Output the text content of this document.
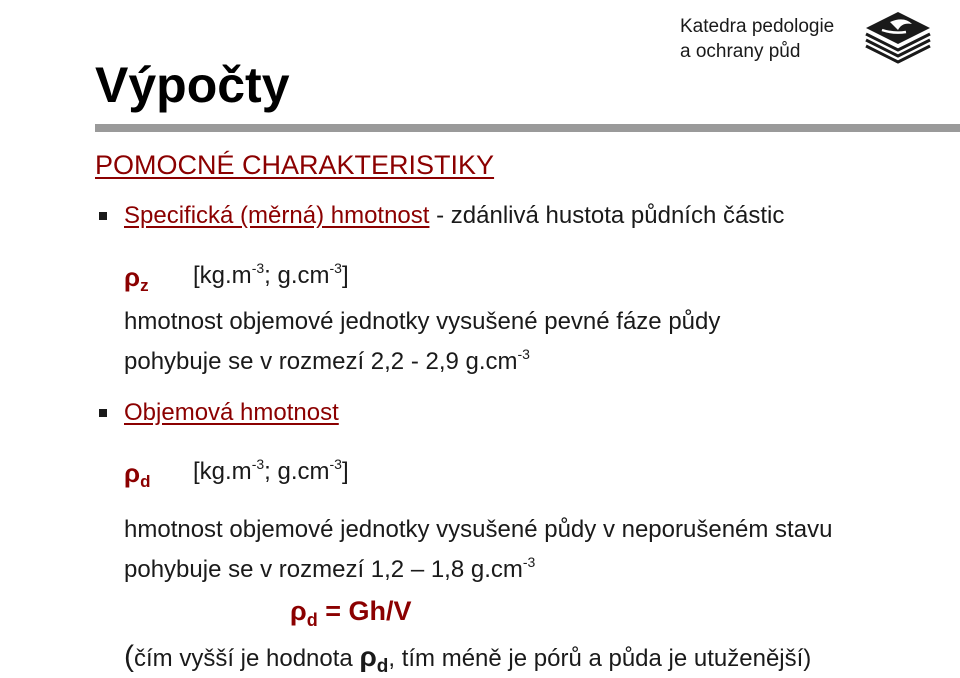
Výpočty
Katedra pedologie
a ochrany půd
POMOCNÉ CHARAKTERISTIKY
Specifická (měrná) hmotnost - zdánlivá hustota půdních částic
$\rho_z$ [$kg.m^{-3}$; $g.cm^{-3}$]
hmotnost objemové jednotky vysušené pevné fáze půdy
pohybuje se v rozmezí 2,2 - 2,9 $g.cm^{-3}$
Objemová hmotnost
$\rho_d$ [$kg.m^{-3}$; $g.cm^{-3}$]
hmotnost objemové jednotky vysušené půdy v neporušeném stavu
pohybuje se v rozmezí 1,2 – 1,8 $g.cm^{-3}$
$\rho_d = Gh/V$
(čím vyšší je hodnota $\rho_d$, tím méně je pórů a půda je utuženější)
